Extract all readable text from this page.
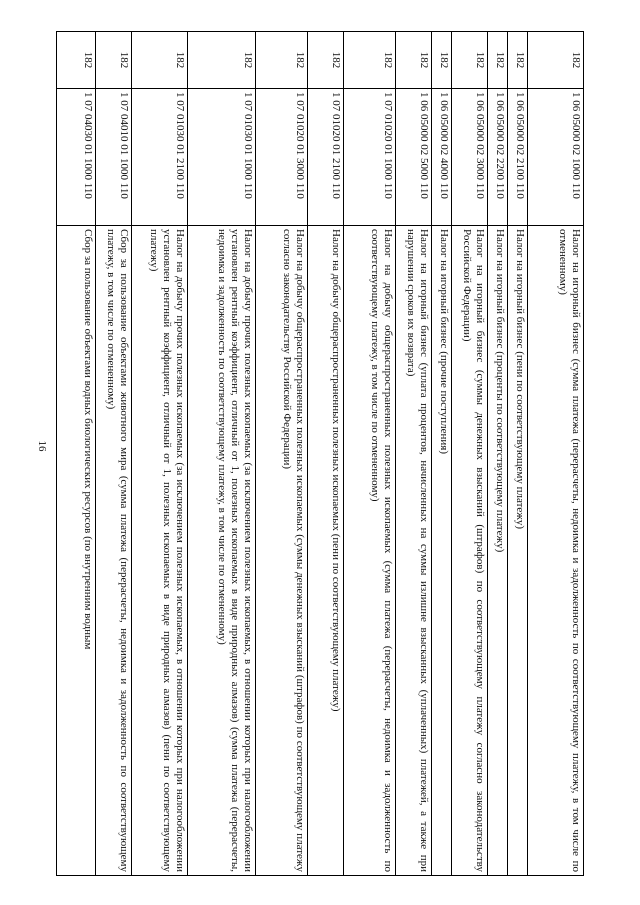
16
182	1 06 05000 02 1000 110	Налог на игорный бизнес (сумма платежа (перерасчеты, недоимка и задолженность по соответствующему платежу, в том числе по отмененному)
182	1 06 05000 02 2100 110	Налог на игорный бизнес (пени по соответствующему платежу)
182	1 06 05000 02 2200 110	Налог на игорный бизнес (проценты по соответствующему платежу)
182	1 06 05000 02 3000 110	Налог на игорный бизнес (суммы денежных взысканий (штрафов) по соответствующему платежу согласно законодательству Российской Федерации)
182	1 06 05000 02 4000 110	Налог на игорный бизнес (прочие поступления)
182	1 06 05000 02 5000 110	Налог на игорный бизнес (уплата процентов, начисленных на суммы излишне взысканных (уплаченных) платежей, а также при нарушении сроков их возврата)
182	1 07 01020 01 1000 110	Налог на добычу общераспространенных полезных ископаемых (сумма платежа (перерасчеты, недоимка и задолженность по соответствующему платежу, в том числе по отмененному)
182	1 07 01020 01 2100 110	Налог на добычу общераспространенных полезных ископаемых (пени по соответствующему платежу)
182	1 07 01020 01 3000 110	Налог на добычу общераспространенных полезных ископаемых (суммы денежных взысканий (штрафов) по соответствующему платежу согласно законодательству Российской Федерации)
182	1 07 01030 01 1000 110	Налог на добычу прочих полезных ископаемых (за исключением полезных ископаемых, в отношении которых при налогообложении установлен рентный коэффициент, отличный от 1, полезных ископаемых в виде природных алмазов) (сумма платежа (перерасчеты, недоимка и задолженность по соответствующему платежу, в том числе по отмененному)
182	1 07 01030 01 2100 110	Налог на добычу прочих полезных ископаемых (за исключением полезных ископаемых, в отношении которых при налогообложении установлен рентный коэффициент, отличный от 1, полезных ископаемых в виде природных алмазов) (пени по соответствующему платежу)
182	1 07 04010 01 1000 110	Сбор за пользование объектами животного мира (сумма платежа (перерасчеты, недоимка и задолженность по соответствующему платежу, в том числе по отмененному)
182	1 07 04030 01 1000 110	Сбор за пользование объектами водных биологических ресурсов (по внутренним водным
